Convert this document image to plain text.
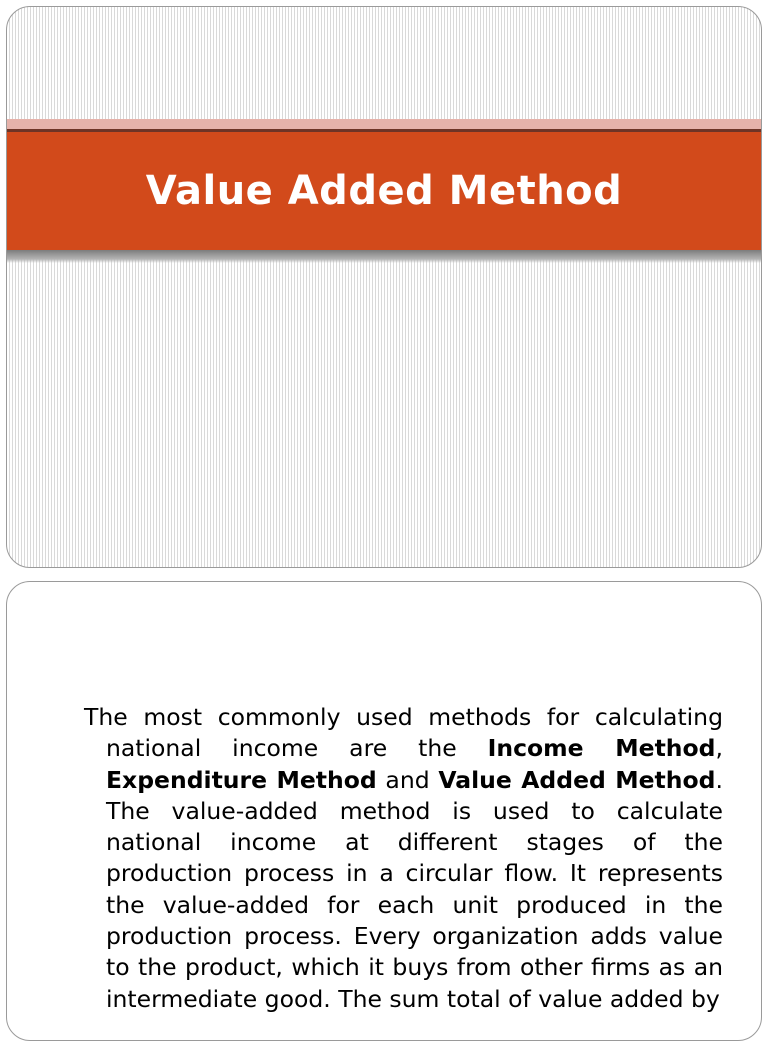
Value Added Method

The most commonly used methods for calculating national income are the Income Method, Expenditure Method and Value Added Method. The value-added method is used to calculate national income at different stages of the production process in a circular flow. It represents the value-added for each unit produced in the production process. Every organization adds value to the product, which it buys from other firms as an intermediate good. The sum total of value added by
